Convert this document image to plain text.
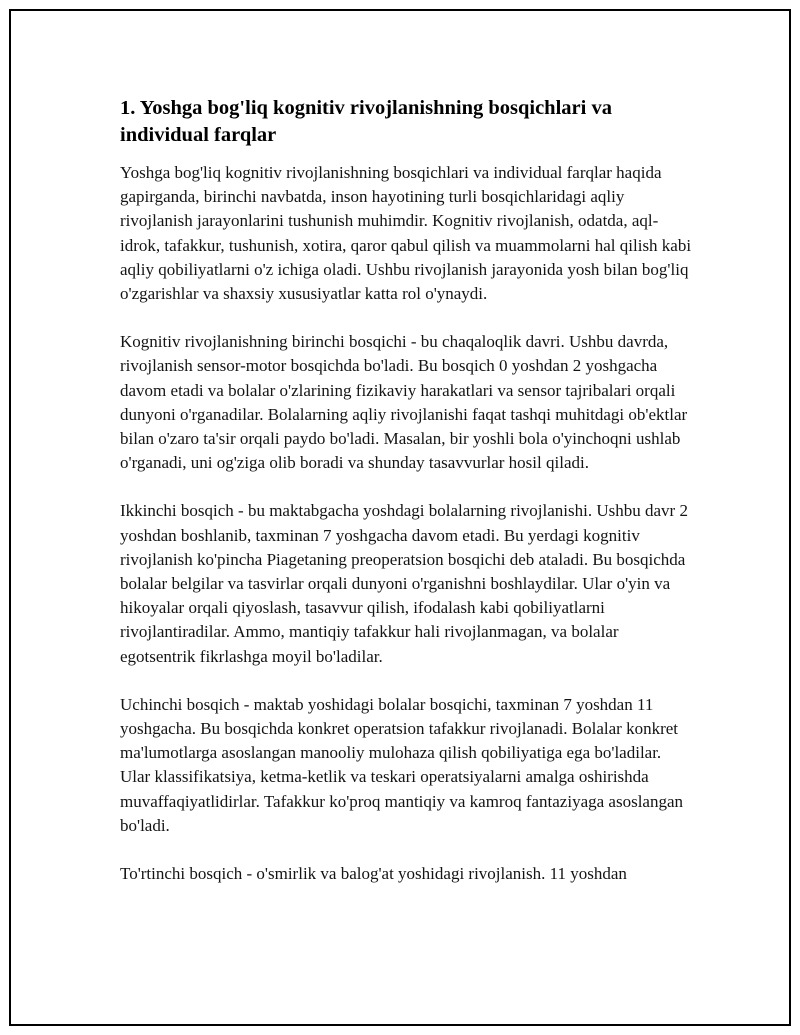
1. Yoshga bog'liq kognitiv rivojlanishning bosqichlari va individual farqlar

Yoshga bog'liq kognitiv rivojlanishning bosqichlari va individual farqlar haqida gapirganda, birinchi navbatda, inson hayotining turli bosqichlaridagi aqliy rivojlanish jarayonlarini tushunish muhimdir. Kognitiv rivojlanish, odatda, aql-idrok, tafakkur, tushunish, xotira, qaror qabul qilish va muammolarni hal qilish kabi aqliy qobiliyatlarni o'z ichiga oladi. Ushbu rivojlanish jarayonida yosh bilan bog'liq o'zgarishlar va shaxsiy xususiyatlar katta rol o'ynaydi.

Kognitiv rivojlanishning birinchi bosqichi - bu chaqaloqlik davri. Ushbu davrda, rivojlanish sensor-motor bosqichda bo'ladi. Bu bosqich 0 yoshdan 2 yoshgacha davom etadi va bolalar o'zlarining fizikaviy harakatlari va sensor tajribalari orqali dunyoni o'rganadilar. Bolalarning aqliy rivojlanishi faqat tashqi muhitdagi ob'ektlar bilan o'zaro ta'sir orqali paydo bo'ladi. Masalan, bir yoshli bola o'yinchoqni ushlab o'rganadi, uni og'ziga olib boradi va shunday tasavvurlar hosil qiladi.

Ikkinchi bosqich - bu maktabgacha yoshdagi bolalarning rivojlanishi. Ushbu davr 2 yoshdan boshlanib, taxminan 7 yoshgacha davom etadi. Bu yerdagi kognitiv rivojlanish ko'pincha Piagetaning preoperatsion bosqichi deb ataladi. Bu bosqichda bolalar belgilar va tasvirlar orqali dunyoni o'rganishni boshlaydilar. Ular o'yin va hikoyalar orqali qiyoslash, tasavvur qilish, ifodalash kabi qobiliyatlarni rivojlantiradilar. Ammo, mantiqiy tafakkur hali rivojlanmagan, va bolalar egotsentrik fikrlashga moyil bo'ladilar.

Uchinchi bosqich - maktab yoshidagi bolalar bosqichi, taxminan 7 yoshdan 11 yoshgacha. Bu bosqichda konkret operatsion tafakkur rivojlanadi. Bolalar konkret ma'lumotlarga asoslangan manooliy mulohaza qilish qobiliyatiga ega bo'ladilar. Ular klassifikatsiya, ketma-ketlik va teskari operatsiyalarni amalga oshirishda muvaffaqiyatlidirlar. Tafakkur ko'proq mantiqiy va kamroq fantaziyaga asoslangan bo'ladi.

To'rtinchi bosqich - o'smirlik va balog'at yoshidagi rivojlanish. 11 yoshdan
